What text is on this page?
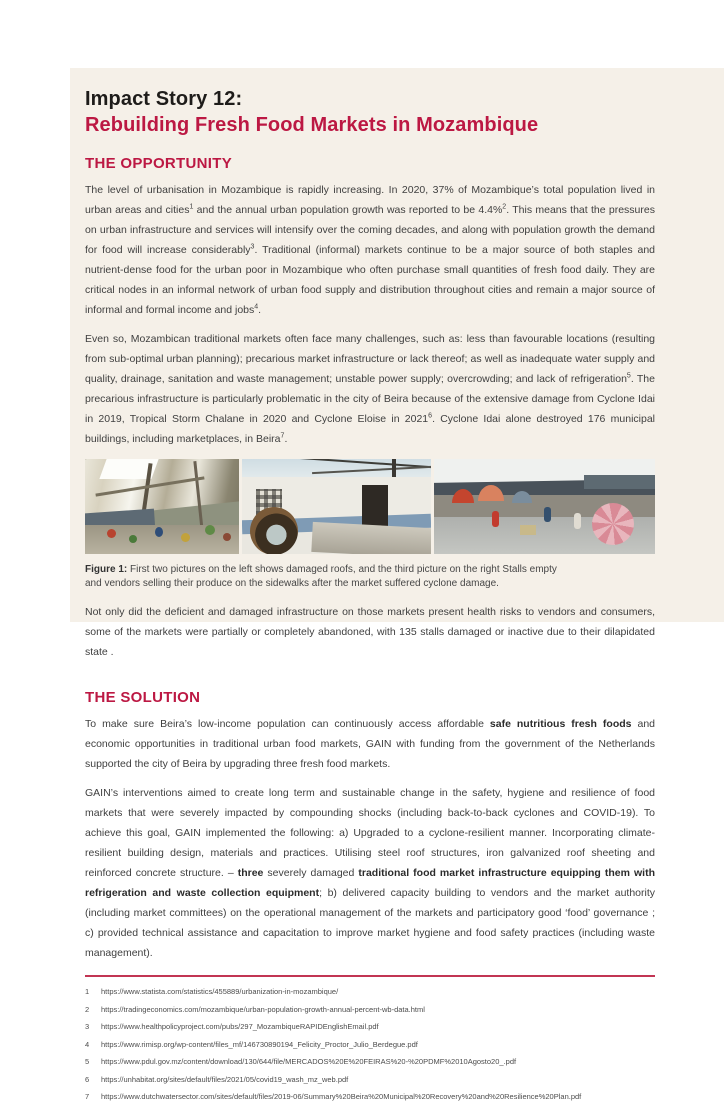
Impact Story 12:
Rebuilding Fresh Food Markets in Mozambique
THE OPPORTUNITY

The level of urbanisation in Mozambique is rapidly increasing. In 2020, 37% of Mozambique’s total population lived in urban areas and cities$^1$ and the annual urban population growth was reported to be 4.4%$^2$. This means that the pressures on urban infrastructure and services will intensify over the coming decades, and along with population growth the demand for food will increase considerably$^3$. Traditional (informal) markets continue to be a major source of both staples and nutrient-dense food for the urban poor in Mozambique who often purchase small quantities of fresh food daily. They are critical nodes in an informal network of urban food supply and distribution throughout cities and remain a major source of informal and formal income and jobs$^4$.

Even so, Mozambican traditional markets often face many challenges, such as: less than favourable locations (resulting from sub-optimal urban planning); precarious market infrastructure or lack thereof; as well as inadequate water supply and quality, drainage, sanitation and waste management; unstable power supply; overcrowding; and lack of refrigeration$^5$. The precarious infrastructure is particularly problematic in the city of Beira because of the extensive damage from Cyclone Idai in 2019, Tropical Storm Chalane in 2020 and Cyclone Eloise in 2021$^6$. Cyclone Idai alone destroyed 176 municipal buildings, including marketplaces, in Beira$^7$.

Figure 1: First two pictures on the left shows damaged roofs, and the third picture on the right Stalls empty and vendors selling their produce on the sidewalks after the market suffered cyclone damage.

Not only did the deficient and damaged infrastructure on those markets present health risks to vendors and consumers, some of the markets were partially or completely abandoned, with 135 stalls damaged or inactive due to their dilapidated state .

THE SOLUTION

To make sure Beira’s low-income population can continuously access affordable safe nutritious fresh foods and economic opportunities in traditional urban food markets, GAIN with funding from the government of the Netherlands supported the city of Beira by upgrading three fresh food markets.

GAIN’s interventions aimed to create long term and sustainable change in the safety, hygiene and resilience of food markets that were severely impacted by compounding shocks (including back-to-back cyclones and COVID-19). To achieve this goal, GAIN implemented the following: a) Upgraded to a cyclone-resilient manner. Incorporating climate-resilient building design, materials and practices. Utilising steel roof structures, iron galvanized roof sheeting and reinforced concrete structure. – three severely damaged traditional food market infrastructure equipping them with refrigeration and waste collection equipment; b) delivered capacity building to vendors and the market authority (including market committees) on the operational management of the markets and participatory good ‘food’ governance ; c) provided technical assistance and capacitation to improve market hygiene and food safety practices (including waste management).

1	https://www.statista.com/statistics/455889/urbanization-in-mozambique/
2	https://tradingeconomics.com/mozambique/urban-population-growth-annual-percent-wb-data.html
3	https://www.healthpolicyproject.com/pubs/297_MozambiqueRAPIDEnglishEmail.pdf
4	https://www.rimisp.org/wp-content/files_mf/146730890194_Felicity_Proctor_Julio_Berdegue.pdf
5	https://www.pdul.gov.mz/content/download/130/644/file/MERCADOS%20E%20FEIRAS%20-%20PDMF%2010Agosto20_.pdf
6	https://unhabitat.org/sites/default/files/2021/05/covid19_wash_mz_web.pdf
7	https://www.dutchwatersector.com/sites/default/files/2019-06/Summary%20Beira%20Municipal%20Recovery%20and%20Resilience%20Plan.pdf
